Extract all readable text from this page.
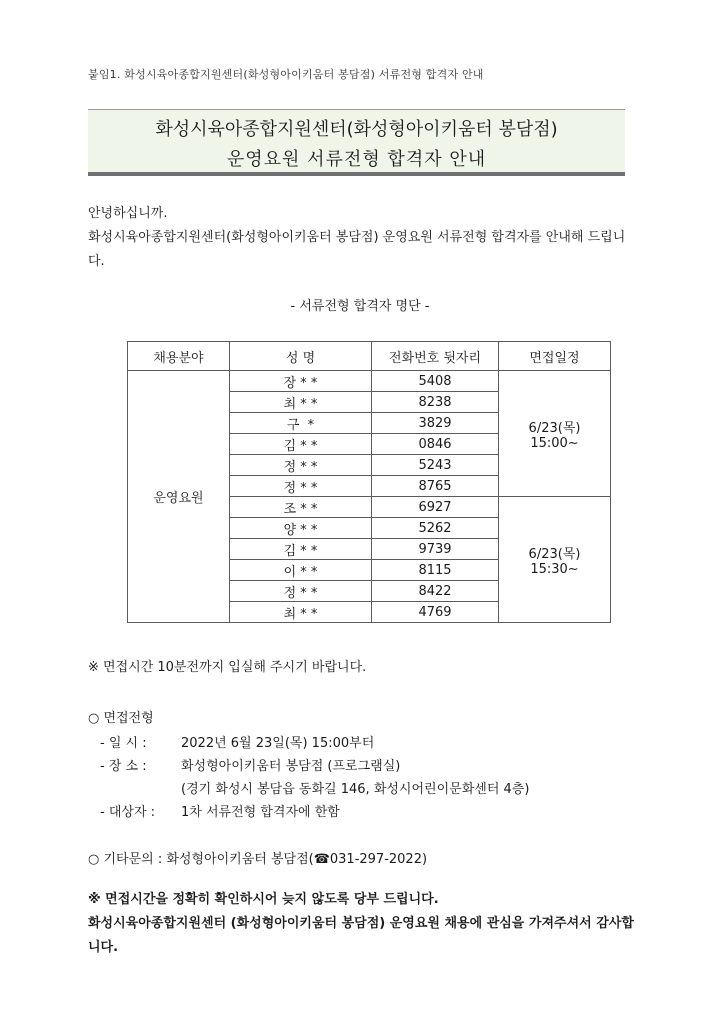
붙임1. 화성시육아종합지원센터(화성형아이키움터 봉담점) 서류전형 합격자 안내
화성시육아종합지원센터(화성형아이키움터 봉담점)
운영요원 서류전형 합격자 안내
안녕하십니까.
화성시육아종합지원센터(화성형아이키움터 봉담점) 운영요원 서류전형 합격자를 안내해 드립니다.
- 서류전형 합격자 명단 -
채용분야	성 명	전화번호 뒷자리	면접일정
운영요원	장 * *	5408	6/23(목)
15:00~

	최 * *	8238	
	구  *	3829	
	김 * *	0846	
	정 * *	5243	
	정 * *	8765	
	조 * *	6927	6/23(목)
15:30~

	양 * *	5262	
	김 * *	9739	
	이 * *	8115	
	정 * *	8422	
	최 * *	4769	
※ 면접시간 10분전까지 입실해 주시기 바랍니다.
○ 면접전형
- 일 시 :	2022년 6월 23일(목) 15:00부터
- 장 소 :	화성형아이키움터 봉담점 (프로그램실)
(경기 화성시 봉담읍 동화길 146, 화성시어린이문화센터 4층)
- 대상자 : 1차 서류전형 합격자에 한함
○ 기타문의 : 화성형아이키움터 봉담점(☎031-297-2022)
※ 면접시간을 정확히 확인하시어 늦지 않도록 당부 드립니다.
화성시육아종합지원센터 (화성형아이키움터 봉담점) 운영요원 채용에 관심을 가져주셔서 감사합니다.
